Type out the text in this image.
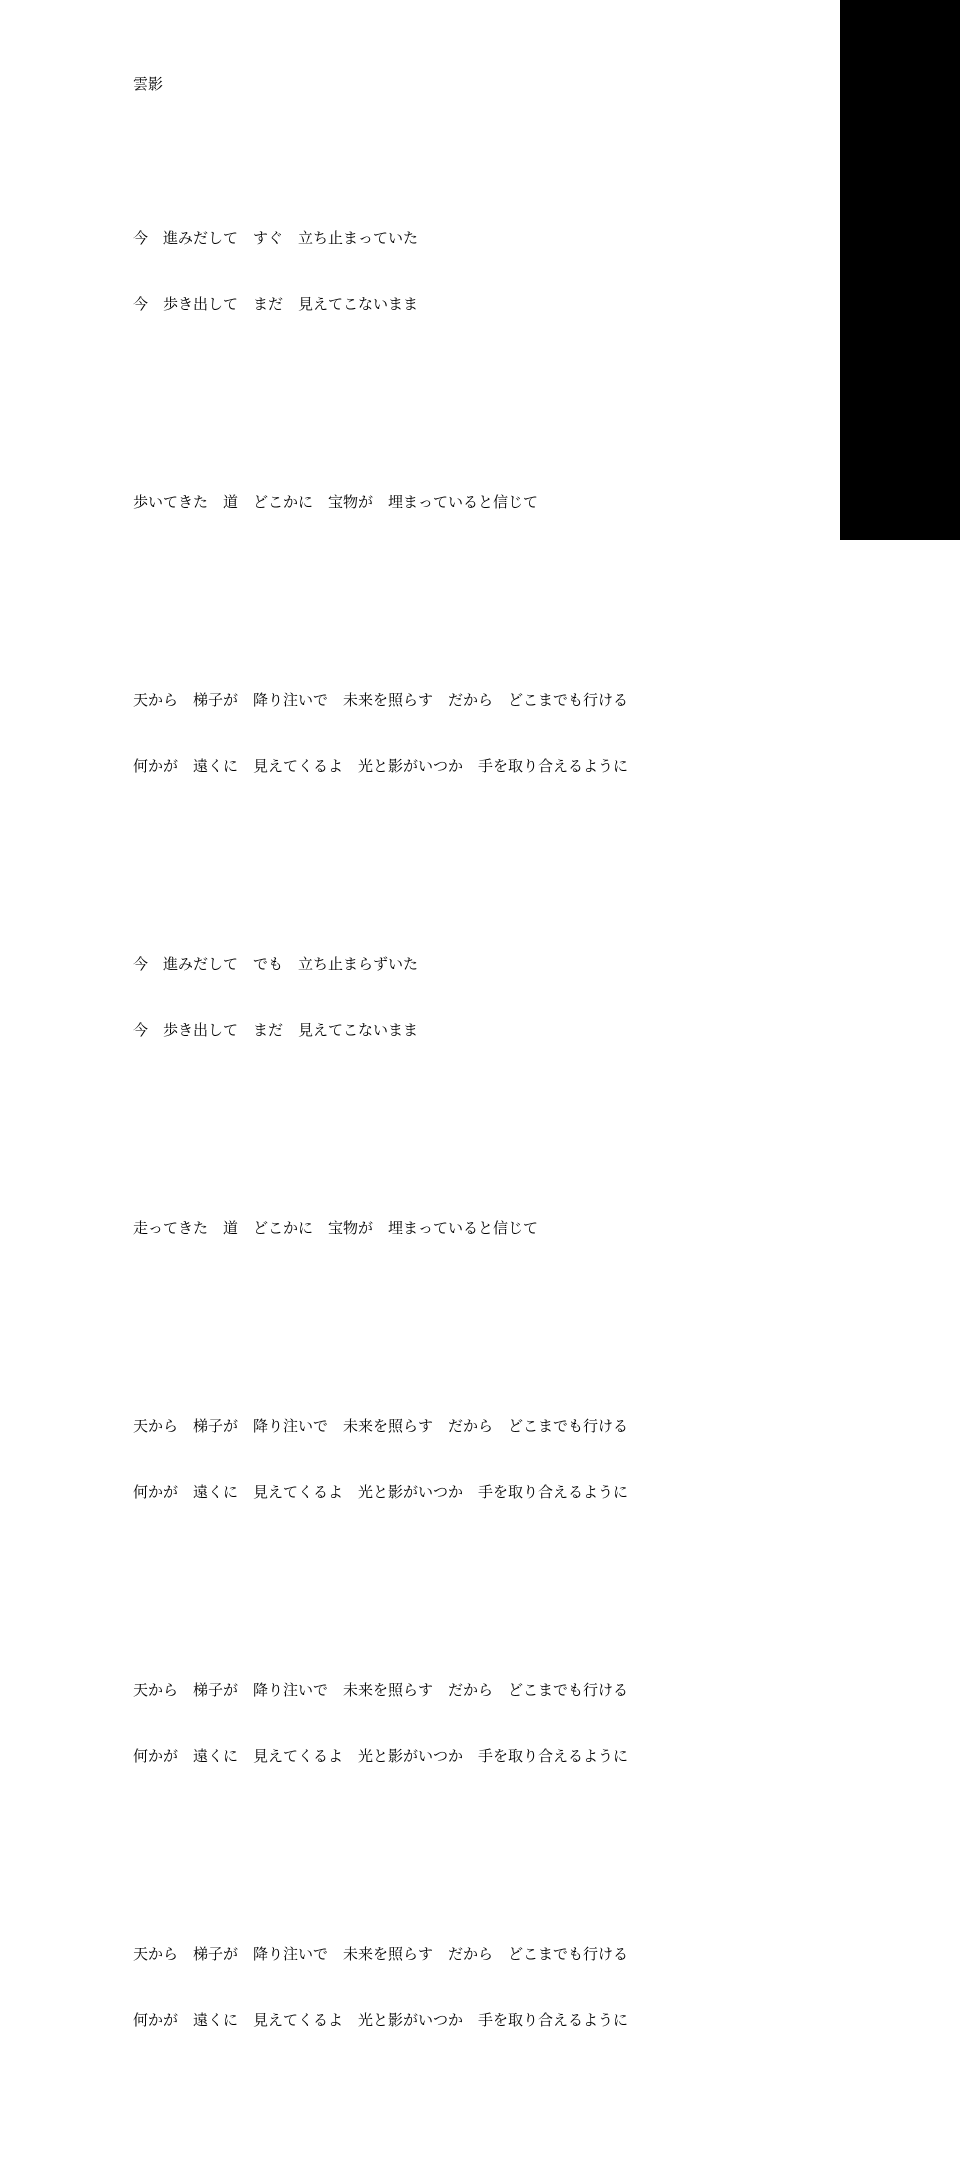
雲影

今　進みだして　すぐ　立ち止まっていた

今　歩き出して　まだ　見えてこないまま

歩いてきた　道　どこかに　宝物が　埋まっていると信じて

天から　梯子が　降り注いで　未来を照らす　だから　どこまでも行ける

何かが　遠くに　見えてくるよ　光と影がいつか　手を取り合えるように

今　進みだして　でも　立ち止まらずいた

今　歩き出して　まだ　見えてこないまま

走ってきた　道　どこかに　宝物が　埋まっていると信じて

天から　梯子が　降り注いで　未来を照らす　だから　どこまでも行ける

何かが　遠くに　見えてくるよ　光と影がいつか　手を取り合えるように

天から　梯子が　降り注いで　未来を照らす　だから　どこまでも行ける

何かが　遠くに　見えてくるよ　光と影がいつか　手を取り合えるように

天から　梯子が　降り注いで　未来を照らす　だから　どこまでも行ける

何かが　遠くに　見えてくるよ　光と影がいつか　手を取り合えるように
